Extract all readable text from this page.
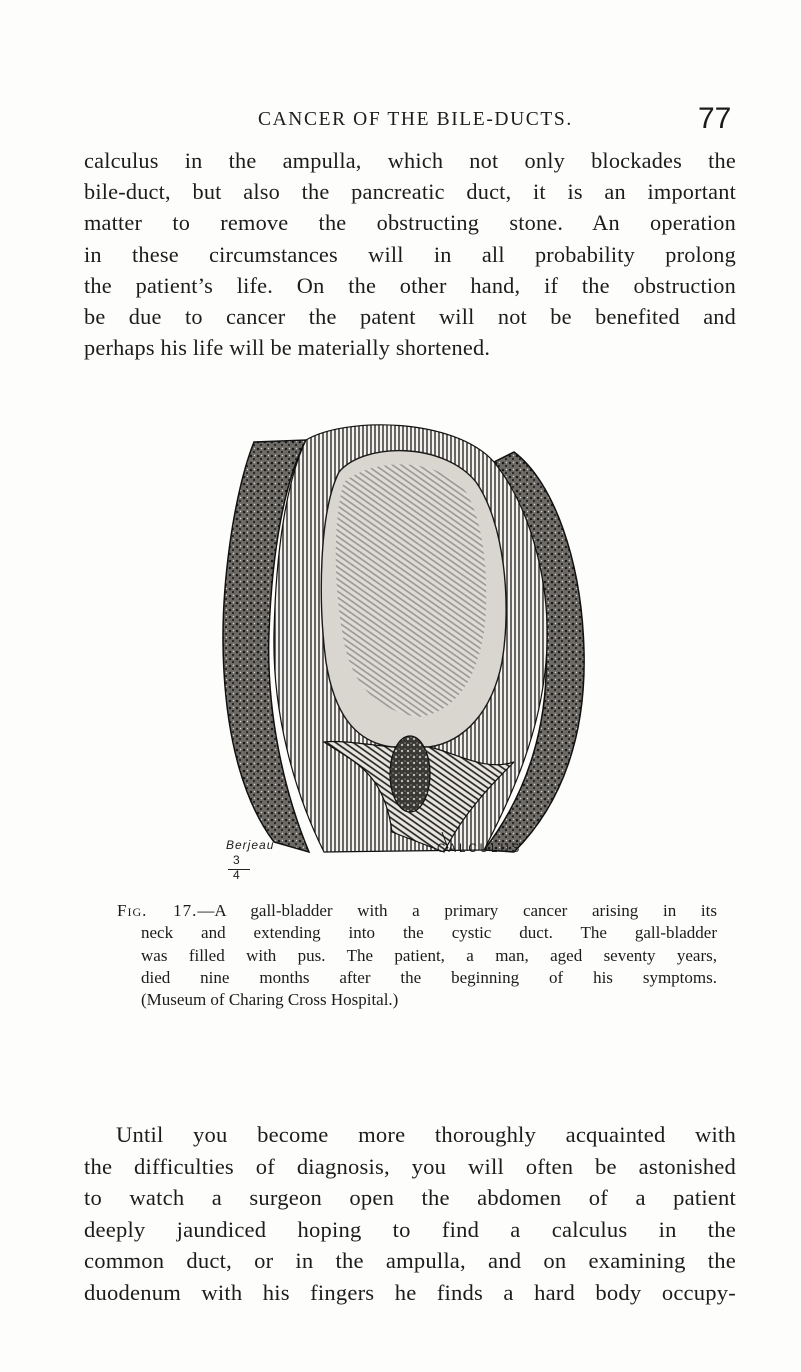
CANCER OF THE BILE-DUCTS.	77
calculus in the ampulla, which not only blockades the
bile-duct, but also the pancreatic duct, it is an important
matter to remove the obstructing stone. An operation
in these circumstances will in all probability prolong
the patient’s life. On the other hand, if the obstruction
be due to cancer the patent will not be benefited and
perhaps his life will be materially shortened.
Berjeau	CALCULUS
3
4
Fig. 17.—A gall-bladder with a primary cancer arising in its
neck and extending into the cystic duct. The gall-bladder
was filled with pus. The patient, a man, aged seventy years,
died nine months after the beginning of his symptoms.
(Museum of Charing Cross Hospital.)
Until you become more thoroughly acquainted with
the difficulties of diagnosis, you will often be astonished
to watch a surgeon open the abdomen of a patient
deeply jaundiced hoping to find a calculus in the
common duct, or in the ampulla, and on examining the
duodenum with his fingers he finds a hard body occupy-
